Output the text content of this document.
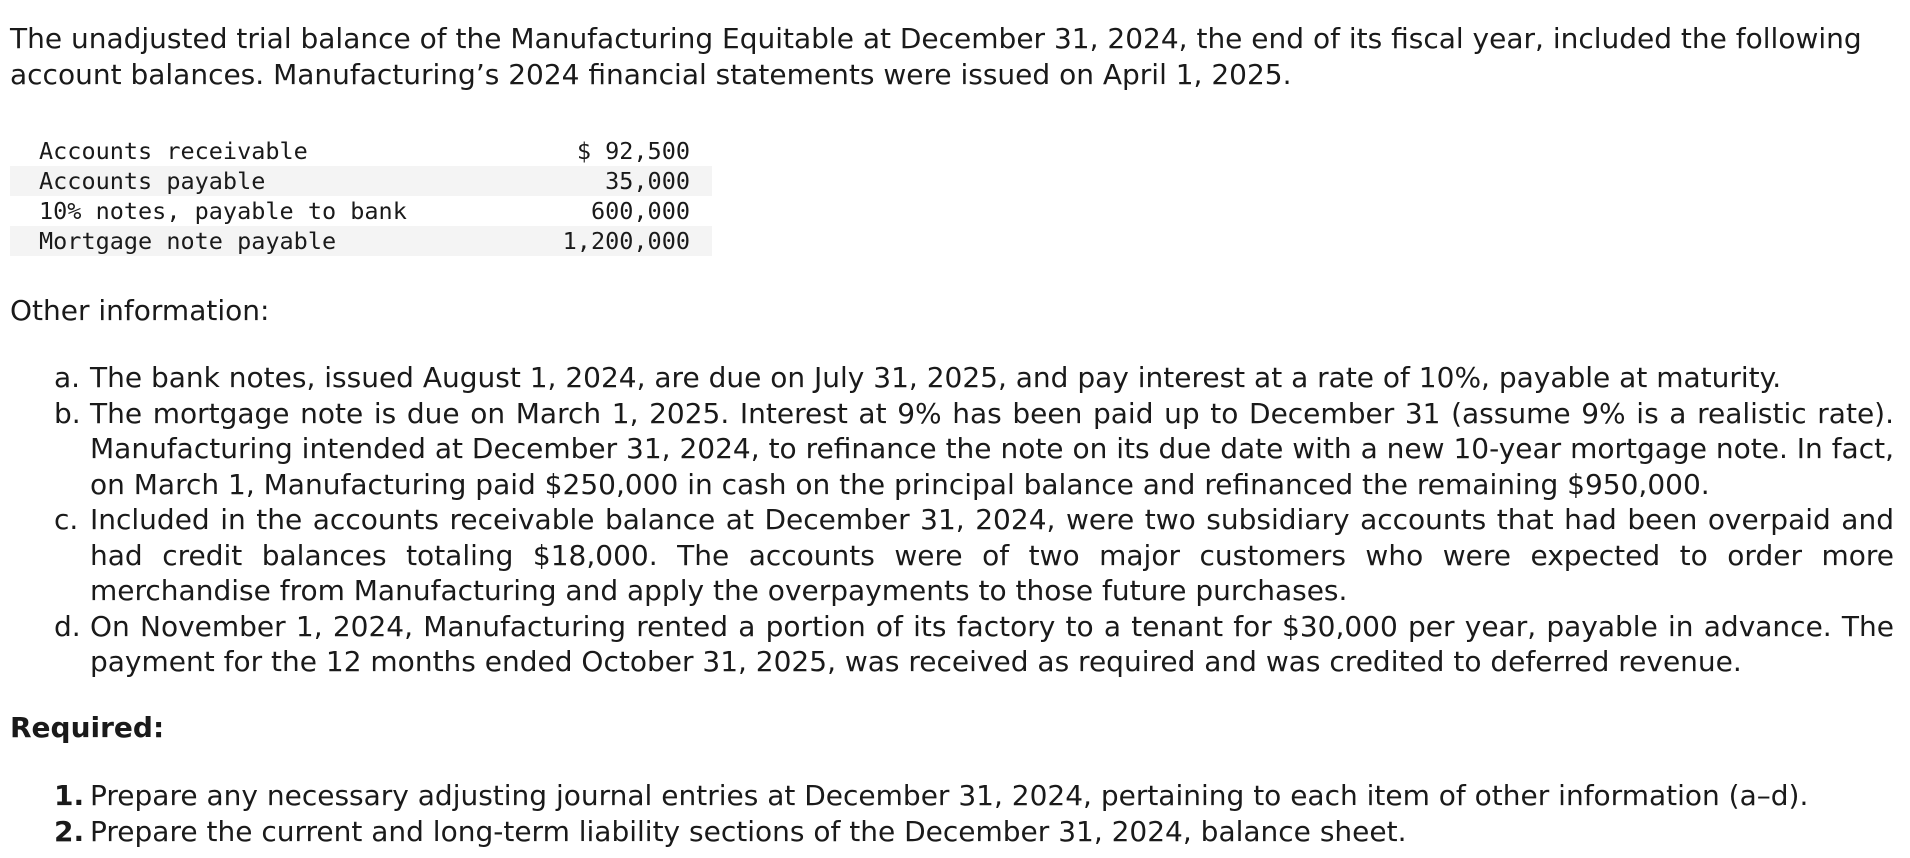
The unadjusted trial balance of the Manufacturing Equitable at December 31, 2024, the end of its fiscal year, included the following account balances. Manufacturing’s 2024 financial statements were issued on April 1, 2025.
Accounts receivable	$ 92,500
Accounts payable	35,000
10% notes, payable to bank	600,000
Mortgage note payable	1,200,000
Other information:
a. The bank notes, issued August 1, 2024, are due on July 31, 2025, and pay interest at a rate of 10%, payable at maturity.
b. The mortgage note is due on March 1, 2025. Interest at 9% has been paid up to December 31 (assume 9% is a realistic rate). Manufacturing intended at December 31, 2024, to refinance the note on its due date with a new 10-year mortgage note. In fact, on March 1, Manufacturing paid $250,000 in cash on the principal balance and refinanced the remaining $950,000.
c. Included in the accounts receivable balance at December 31, 2024, were two subsidiary accounts that had been overpaid and had credit balances totaling $18,000. The accounts were of two major customers who were expected to order more merchandise from Manufacturing and apply the overpayments to those future purchases.
d. On November 1, 2024, Manufacturing rented a portion of its factory to a tenant for $30,000 per year, payable in advance. The payment for the 12 months ended October 31, 2025, was received as required and was credited to deferred revenue.
Required:
1. Prepare any necessary adjusting journal entries at December 31, 2024, pertaining to each item of other information (a–d).
2. Prepare the current and long-term liability sections of the December 31, 2024, balance sheet.
